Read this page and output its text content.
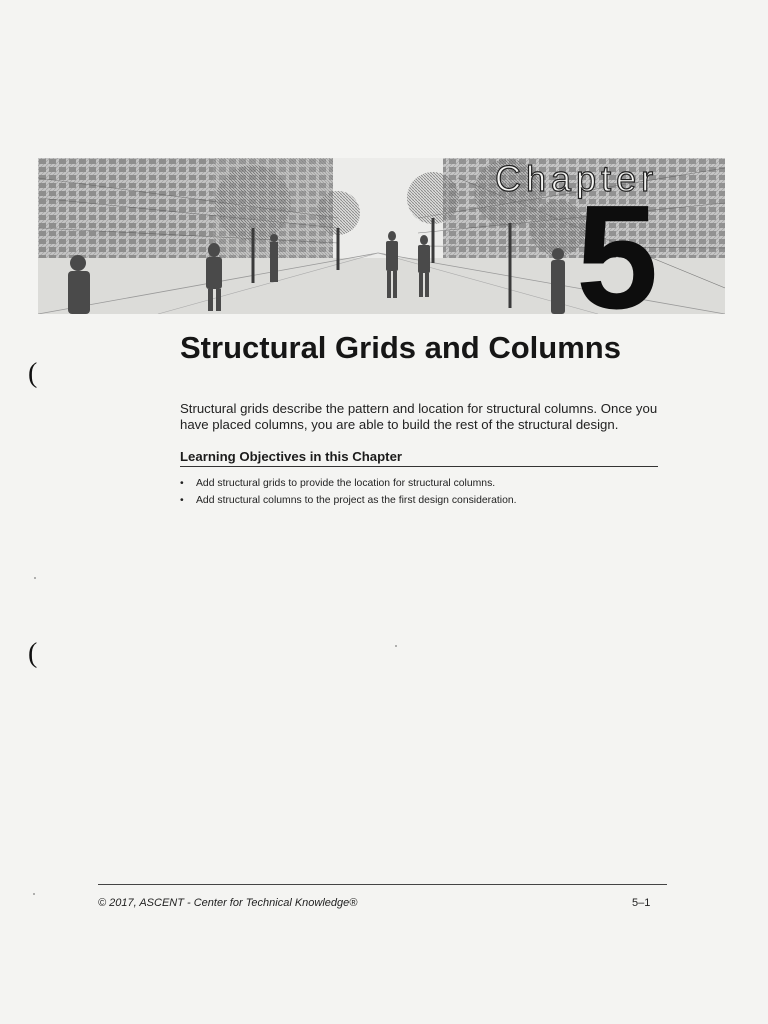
Chapter
5
Structural Grids and Columns

Structural grids describe the pattern and location for structural columns. Once you have placed columns, you are able to build the rest of the structural design.

Learning Objectives in this Chapter
• Add structural grids to provide the location for structural columns.
• Add structural columns to the project as the first design consideration.
(
(
© 2017, ASCENT - Center for Technical Knowledge®	5–1
